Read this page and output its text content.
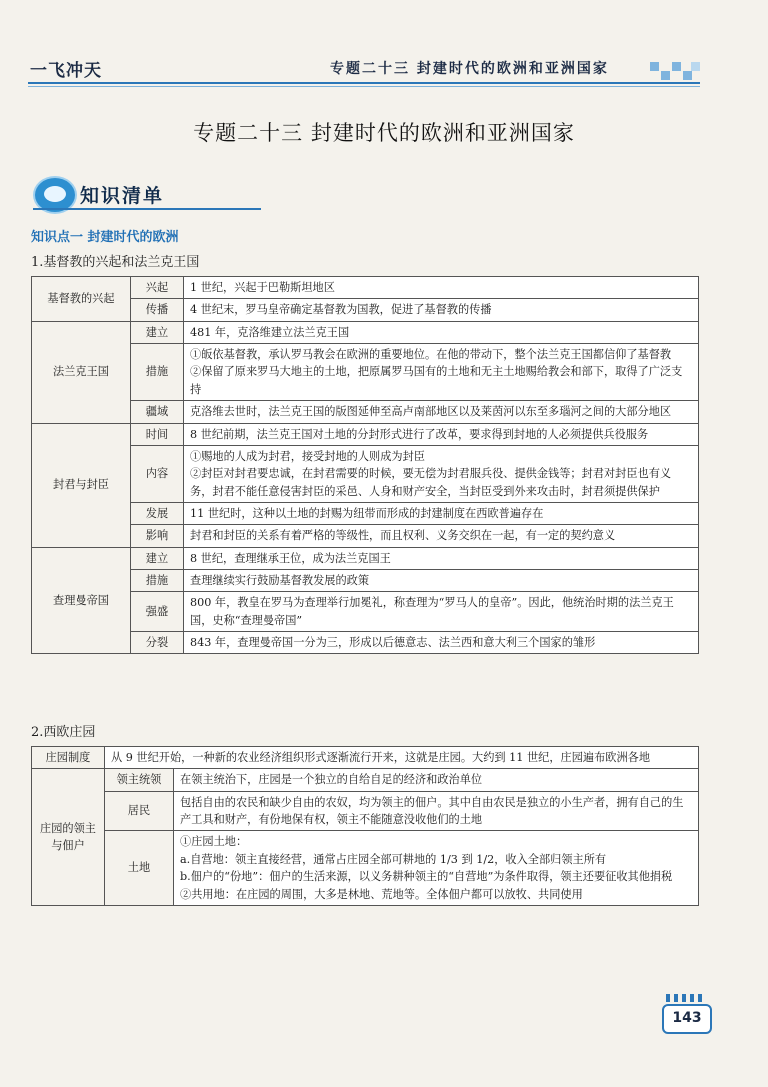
一飞冲天	专题二十三 封建时代的欧洲和亚洲国家
专题二十三 封建时代的欧洲和亚洲国家
知识清单
知识点一 封建时代的欧洲
1.基督教的兴起和法兰克王国
基督教的兴起	兴起	1 世纪，兴起于巴勒斯坦地区
	传播	4 世纪末，罗马皇帝确定基督教为国教，促进了基督教的传播
法兰克王国	建立	481 年，克洛维建立法兰克王国
	措施	①皈依基督教，承认罗马教会在欧洲的重要地位。在他的带动下，整个法兰克王国都信仰了基督教
②保留了原来罗马大地主的土地，把原属罗马国有的土地和无主土地赐给教会和部下，取得了广泛支持

	疆域	克洛维去世时，法兰克王国的版图延伸至高卢南部地区以及莱茵河以东至多瑙河之间的大部分地区
封君与封臣	时间	8 世纪前期，法兰克王国对土地的分封形式进行了改革，要求得到封地的人必须提供兵役服务
	内容	①赐地的人成为封君，接受封地的人则成为封臣
②封臣对封君要忠诚，在封君需要的时候，要无偿为封君服兵役、提供金钱等；封君对封臣也有义务，封君不能任意侵害封臣的采邑、人身和财产安全，当封臣受到外来攻击时，封君须提供保护

	发展	11 世纪时，这种以土地的封赐为纽带而形成的封建制度在西欧普遍存在
	影响	封君和封臣的关系有着严格的等级性，而且权利、义务交织在一起，有一定的契约意义
查理曼帝国	建立	8 世纪，查理继承王位，成为法兰克国王
	措施	查理继续实行鼓励基督教发展的政策
	强盛	800 年，教皇在罗马为查理举行加冕礼，称查理为“罗马人的皇帝”。因此，他统治时期的法兰克王国，史称“查理曼帝国”
	分裂	843 年，查理曼帝国一分为三，形成以后德意志、法兰西和意大利三个国家的雏形
2.西欧庄园
庄园制度	从 9 世纪开始，一种新的农业经济组织形式逐渐流行开来，这就是庄园。大约到 11 世纪，庄园遍布欧洲各地	
庄园的领主与佃户	领主统领	在领主统治下，庄园是一个独立的自给自足的经济和政治单位
	居民	包括自由的农民和缺少自由的农奴，均为领主的佃户。其中自由农民是独立的小生产者，拥有自己的生产工具和财产，有份地保有权，领主不能随意没收他们的土地
	土地	①庄园土地：
a.自营地：领主直接经营，通常占庄园全部可耕地的 1/3 到 1/2，收入全部归领主所有
b.佃户的“份地”：佃户的生活来源，以义务耕种领主的“自营地”为条件取得，领主还要征收其他捐税
②共用地：在庄园的周围，大多是林地、荒地等。全体佃户都可以放牧、共同使用
143
